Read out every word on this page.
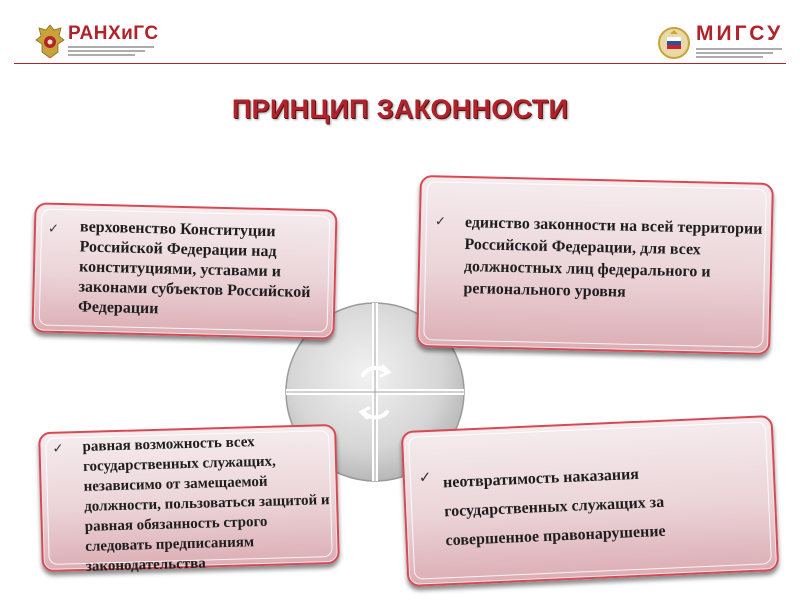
РАНХиГС	МИГСУ
ПРИНЦИП ЗАКОННОСТИ
✓ верховенство Конституции Российской Федерации над конституциями, уставами и законами субъектов Российской Федерации

✓ единство законности на всей территории Российской Федерации, для всех должностных лиц федерального и регионального уровня

✓ равная возможность всех государственных служащих, независимо от замещаемой должности, пользоваться защитой и равная обязанность строго следовать предписаниям законодательства

✓ неотвратимость наказания государственных служащих за совершенное правонарушение
